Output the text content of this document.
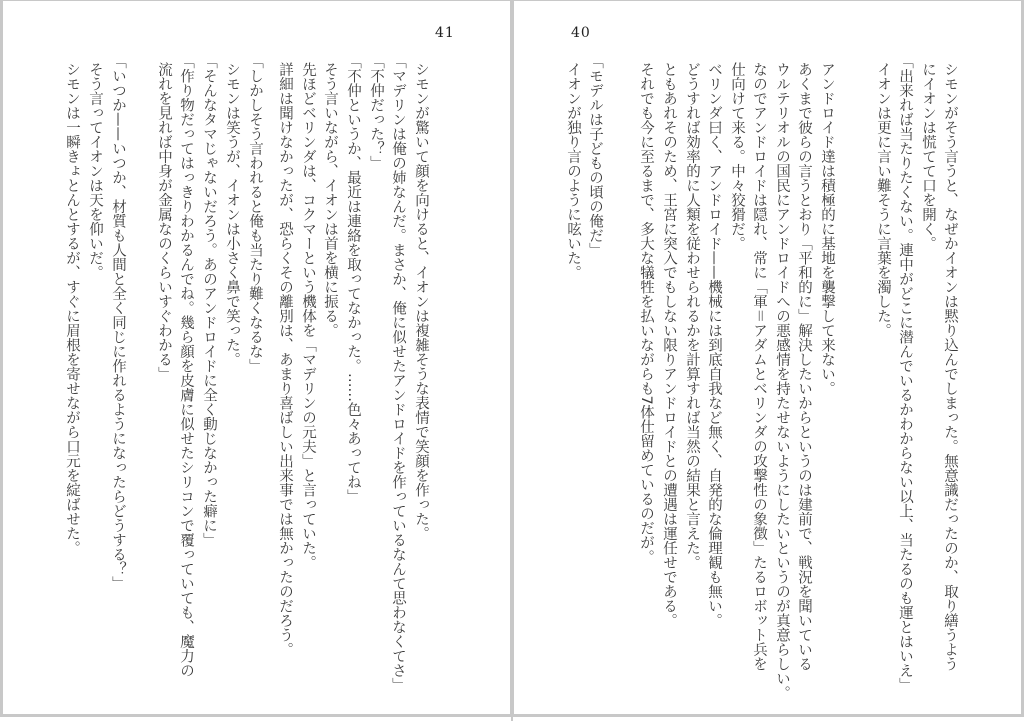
41	40
シモンが驚いて顔を向けると、イオンは複雑そうな表情で笑顔を作った。
「マデリンは俺の姉なんだ。まさか、俺に似せたアンドロイドを作っているなんて思わなくてさ」
「不仲だった？」
「不仲というか、最近は連絡を取ってなかった。……色々あってね」
そう言いながら、イオンは首を横に振る。
先ほどベリンダは、コクマーという機体を「マデリンの元夫」と言っていた。
詳細は聞けなかったが、恐らくその離別は、あまり喜ばしい出来事では無かったのだろう。
「しかしそう言われると俺も当たり難くなるな」
シモンは笑うが、イオンは小さく鼻で笑った。
「そんなタマじゃないだろう。あのアンドロイドに全く動じなかった癖に」
「作り物だってはっきりわかるんでね。幾ら顔を皮膚に似せたシリコンで覆っていても、魔力の
流れを見れば中身が金属なのくらいすぐわかる」
「いつか——いつか、材質も人間と全く同じに作れるようになったらどうする？」
そう言ってイオンは天を仰いだ。
シモンは一瞬きょとんとするが、すぐに眉根を寄せながら口元を綻ばせた。	シモンがそう言うと、なぜかイオンは黙り込んでしまった。無意識だったのか、取り繕うよう
にイオンは慌てて口を開く。
「出来れば当たりたくない。連中がどこに潜んでいるかわからない以上、当たるのも運とはいえ」
イオンは更に言い難そうに言葉を濁した。
アンドロイド達は積極的に基地を襲撃して来ない。
あくまで彼らの言うとおり「平和的に」解決したいからというのは建前で、戦況を聞いている
ウルテリオルの国民にアンドロイドへの悪感情を持たせないようにしたいというのが真意らしい。
なのでアンドロイドは隠れ、常に「軍＝アダムとベリンダの攻撃性の象徴」たるロボット兵を
仕向けて来る。中々狡猾だ。
ベリンダ曰く、アンドロイド——機械には到底自我など無く、自発的な倫理観も無い。
どうすれば効率的に人類を従わせられるかを計算すれば当然の結果と言えた。
ともあれそのため、王宮に突入でもしない限りアンドロイドとの遭遇は運任せである。
それでも今に至るまで、多大な犠牲を払いながらも7体仕留めているのだが。
「モデルは子どもの頃の俺だ」
イオンが独り言のように呟いた。
